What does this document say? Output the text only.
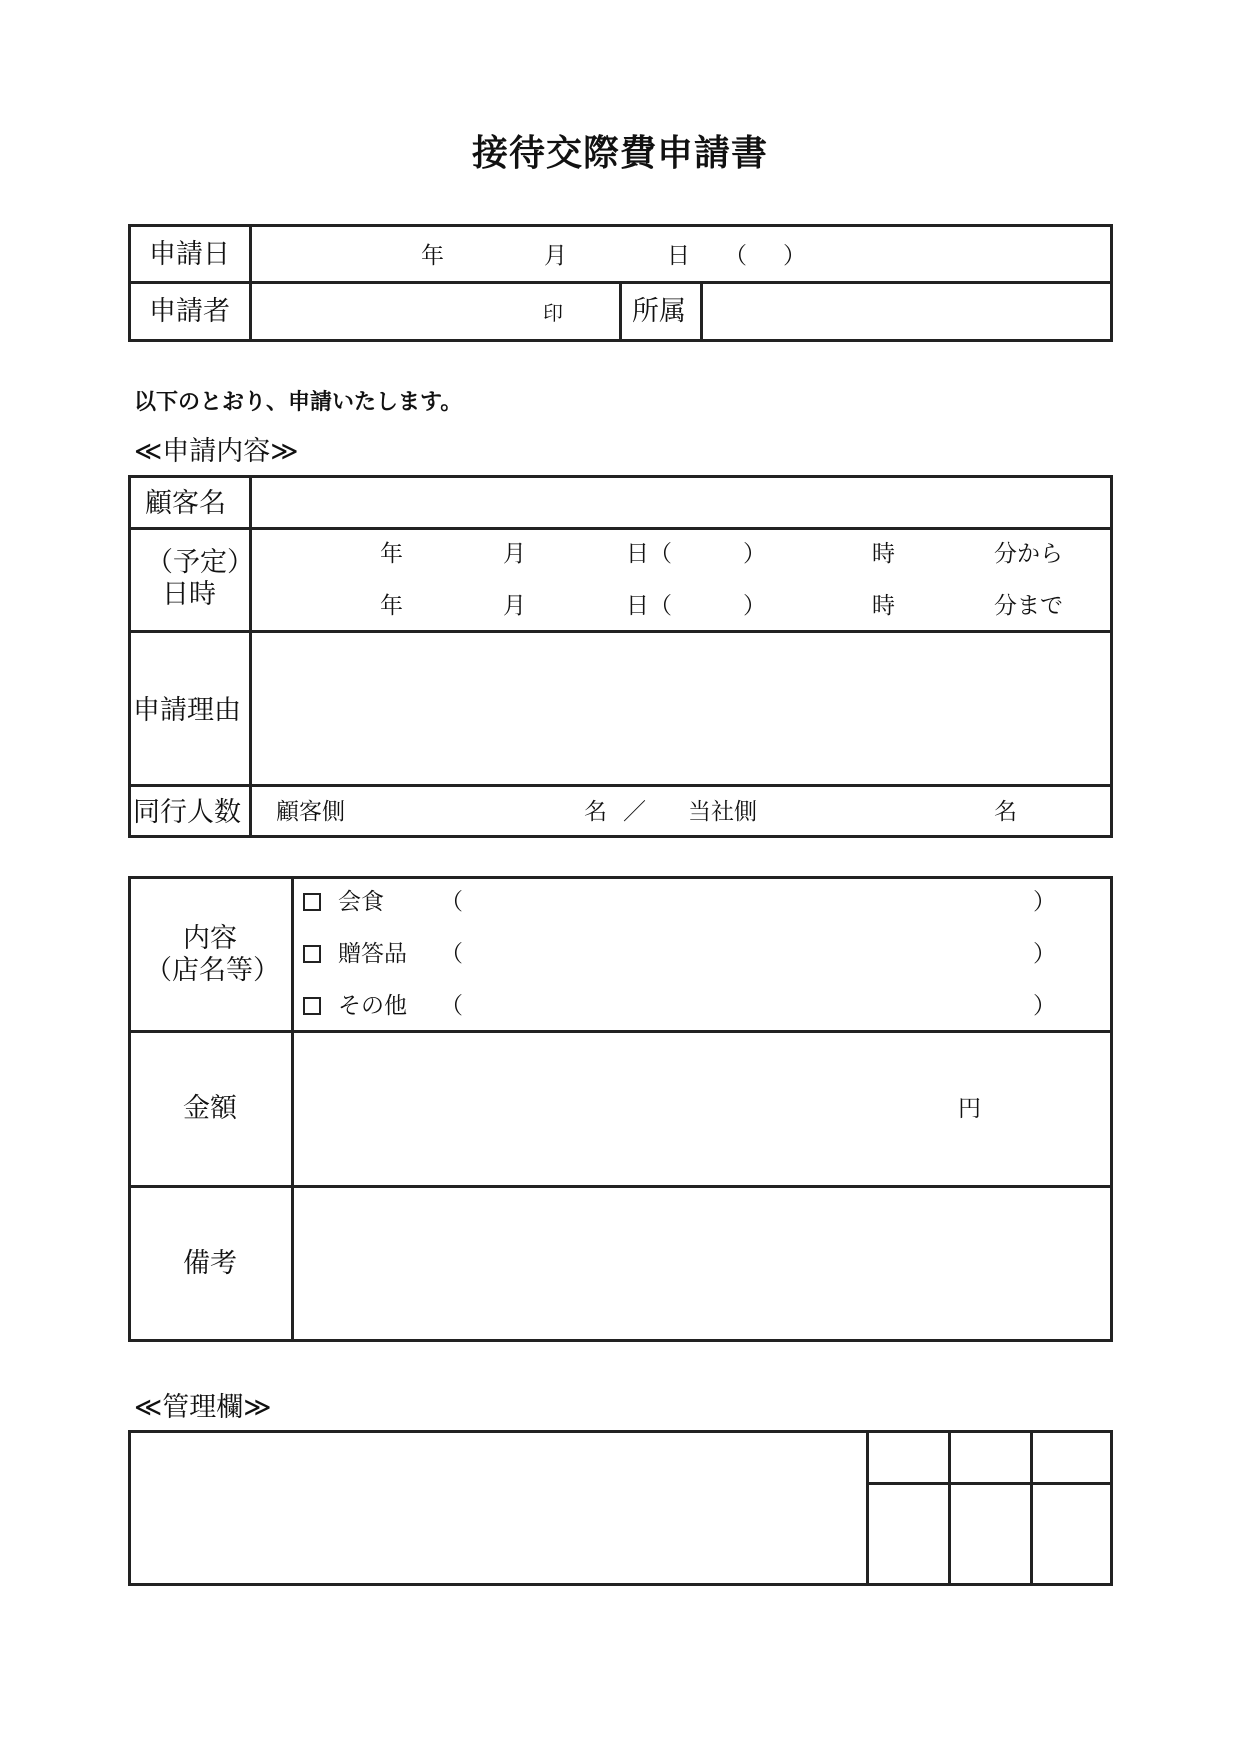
接待交際費申請書
申請日	年	月	日 （ ）
申請者	印	所属
以下のとおり、申請いたします。
≪申請内容≫
顧客名
（予定）
日時
年	月	日（	）	時	分から
年	月	日（	）	時	分まで
申請理由
同行人数 顧客側	名 ／ 当社側	名
内容
（店名等）
会食 （	）
贈答品 （	）
その他 （	）
金額	円
備考
≪管理欄≫
